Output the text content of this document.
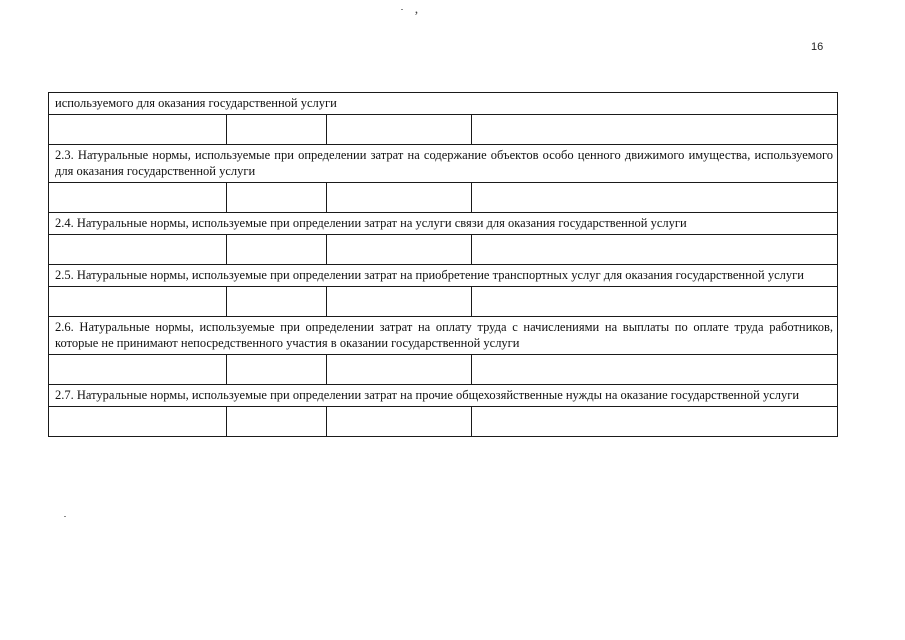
‚
16
используемого для оказания государственной услуги			

2.3. Натуральные нормы, используемые при определении затрат на содержание объектов особо ценного движимого имущества, используемого для оказания государственной услуги			

2.4. Натуральные нормы, используемые при определении затрат на услуги связи для оказания государственной услуги			

2.5. Натуральные нормы, используемые при определении затрат на приобретение транспортных услуг для оказания государственной услуги			

2.6. Натуральные нормы, используемые при определении затрат на оплату труда с начислениями на выплаты по оплате труда работников, которые не принимают непосредственного участия в оказании государственной услуги			

2.7. Натуральные нормы, используемые при определении затрат на прочие общехозяйственные нужды на оказание государственной услуги			
